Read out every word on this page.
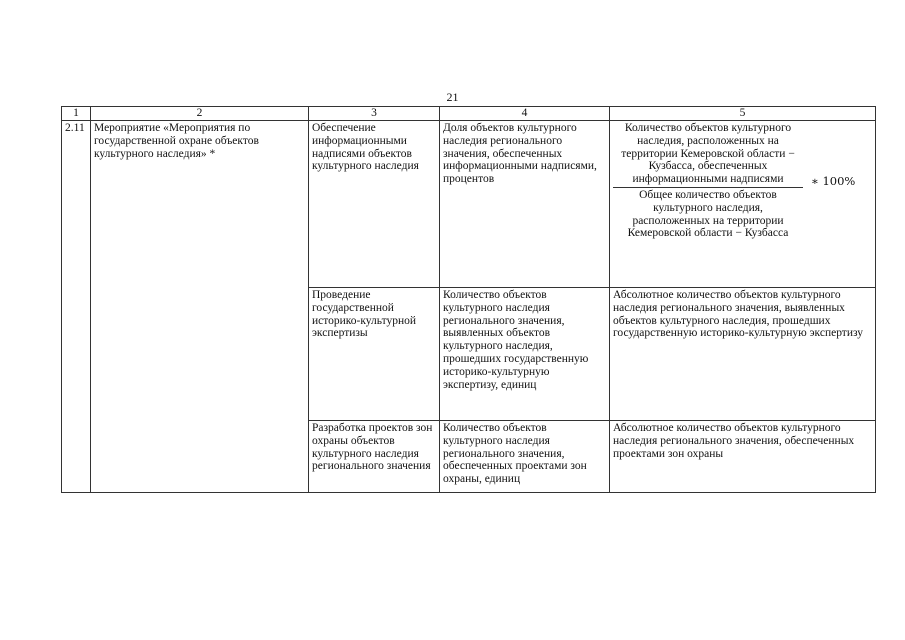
21
1	2	3	4	5
2.11	Мероприятие «Мероприятия по государственной охране объектов культурного наследия» *	Обеспечение информационными надписями объектов культурного наследия	Доля объектов культурного наследия регионального значения, обеспеченных информационными надписями, процентов	Количество объектов культурного наследия, расположенных на территории Кемеровской области − Кузбасса, обеспеченных информационными надписями
Общее количество объектов культурного наследия, расположенных на территории Кемеровской области − Кузбасса
∗ 100%

		Проведение государственной историко-культурной экспертизы	Количество объектов культурного наследия регионального значения, выявленных объектов культурного наследия, прошедших государственную историко-культурную экспертизу, единиц	Абсолютное количество объектов культурного наследия регионального значения, выявленных объектов культурного наследия, прошедших государственную историко-культурную экспертизу
		Разработка проектов зон охраны объектов культурного наследия регионального значения	Количество объектов культурного наследия регионального значения, обеспеченных проектами зон охраны, единиц	Абсолютное количество объектов культурного наследия регионального значения, обеспеченных проектами зон охраны
